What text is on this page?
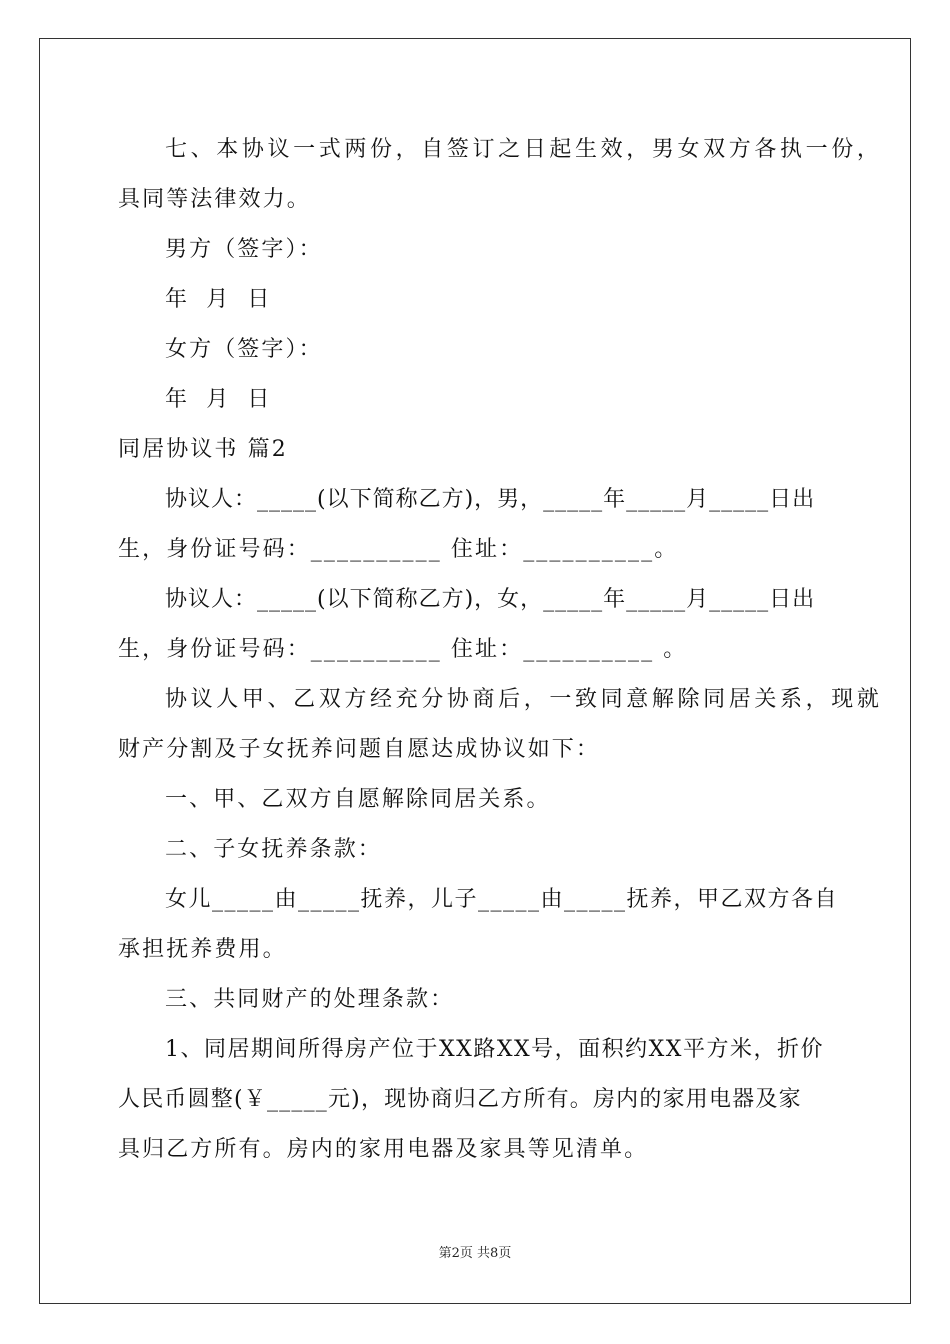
七 、 本 协 议 一 式 两 份 ， 自 签 订 之 日 起 生 效 ， 男 女 双 方 各 执 一 份 ，
具同等法律效力。
男方（签字）：
年 月 日
女方（签字）：
年 月 日
同居协议书 篇2
协议人：_____(以下简称乙方)，男，_____年_____月_____日出
生，身份证号码：__________ 住址：__________。
协议人：_____(以下简称乙方)，女，_____年_____月_____日出
生，身份证号码：__________ 住址：__________ 。
协 议 人 甲 、 乙 双 方 经 充 分 协 商 后 ， 一 致 同 意 解 除 同 居 关 系 ， 现 就
财产分割及子女抚养问题自愿达成协议如下：
一、甲、乙双方自愿解除同居关系。
二、子女抚养条款：
女儿_____由_____抚养，儿子_____由_____抚养，甲乙双方各自
承担抚养费用。
三、共同财产的处理条款：
1、同居期间所得房产位于XX路XX号，面积约XX平方米，折价
人民币圆整(￥_____元)，现协商归乙方所有。房内的家用电器及家
具归乙方所有。房内的家用电器及家具等见清单。
第2页 共8页
